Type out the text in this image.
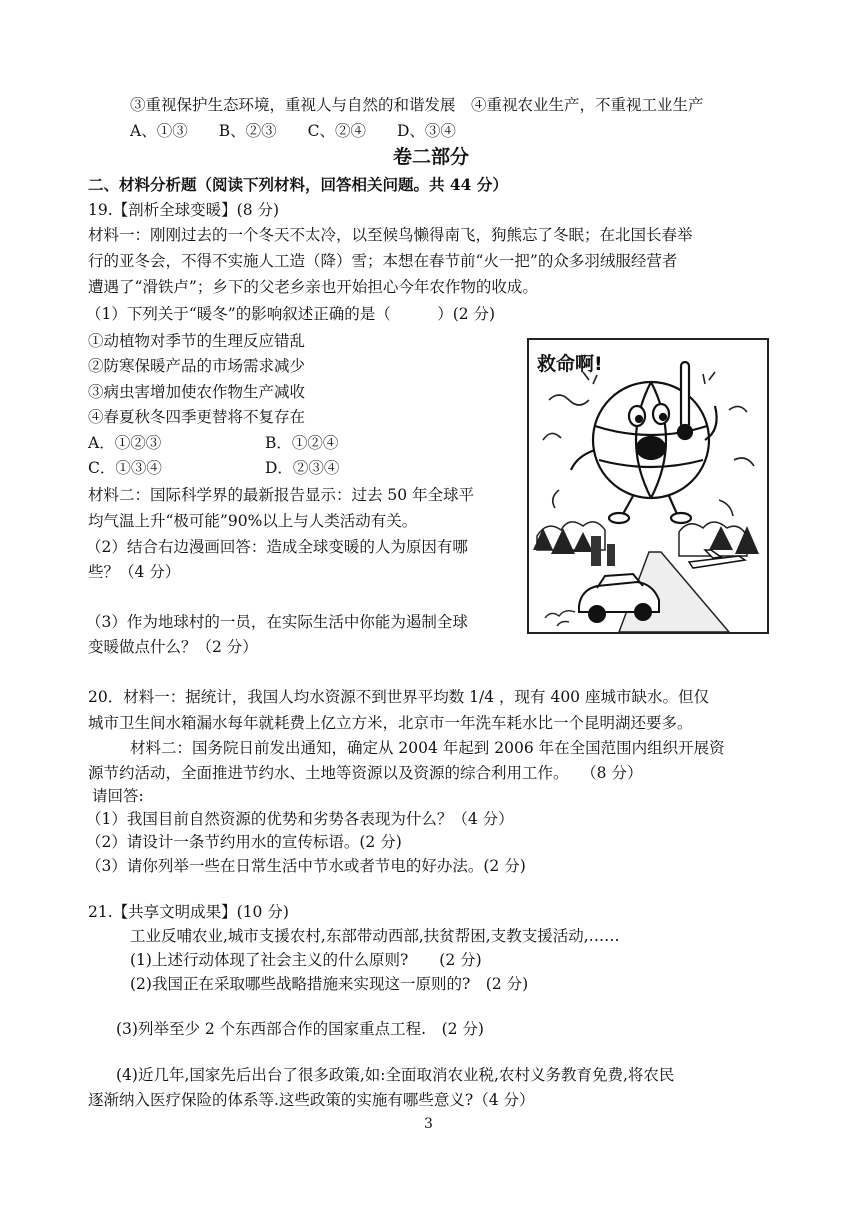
③重视保护生态环境，重视人与自然的和谐发展　④重视农业生产，不重视工业生产
A、①③　　B、②③　　C、②④　　D、③④
卷二部分
二、材料分析题（阅读下列材料，回答相关问题。共 44 分）
19.【剖析全球变暖】(8 分)
材料一：刚刚过去的一个冬天不太冷，以至候鸟懒得南飞，狗熊忘了冬眠；在北国长春举
行的亚冬会，不得不实施人工造（降）雪；本想在春节前“火一把”的众多羽绒服经营者
遭遇了“滑铁卢”；乡下的父老乡亲也开始担心今年农作物的收成。
（1）下列关于“暖冬”的影响叙述正确的是（　　　）(2 分)
①动植物对季节的生理反应错乱
②防寒保暖产品的市场需求减少
③病虫害增加使农作物生产减收
④春夏秋冬四季更替将不复存在
A．①②③	B．①②④
C．①③④	D．②③④
材料二：国际科学界的最新报告显示：过去 50 年全球平
均气温上升“极可能”90%以上与人类活动有关。
（2）结合右边漫画回答：造成全球变暖的人为原因有哪
些？（4 分）
（3）作为地球村的一员，在实际生活中你能为遏制全球
变暖做点什么？（2 分）
救命啊!
20．材料一：据统计，我国人均水资源不到世界平均数 1/4 ，现有 400 座城市缺水。但仅
城市卫生间水箱漏水每年就耗费上亿立方米，北京市一年洗车耗水比一个昆明湖还要多。
材料二：国务院日前发出通知，确定从 2004 年起到 2006 年在全国范围内组织开展资
源节约活动，全面推进节约水、土地等资源以及资源的综合利用工作。　 （8 分）
请回答:
（1）我国目前自然资源的优势和劣势各表现为什么？（4 分）
（2）请设计一条节约用水的宣传标语。(2 分)
（3）请你列举一些在日常生活中节水或者节电的好办法。(2 分)
21.【共享文明成果】(10 分)
工业反哺农业,城市支援农村,东部带动西部,扶贫帮困,支教支援活动,……
(1)上述行动体现了社会主义的什么原则?　　(2 分)
(2)我国正在采取哪些战略措施来实现这一原则的?　(2 分)
(3)列举至少 2 个东西部合作的国家重点工程.　(2 分)
(4)近几年,国家先后出台了很多政策,如:全面取消农业税,农村义务教育免费,将农民
逐渐纳入医疗保险的体系等.这些政策的实施有哪些意义?（4 分）
3
